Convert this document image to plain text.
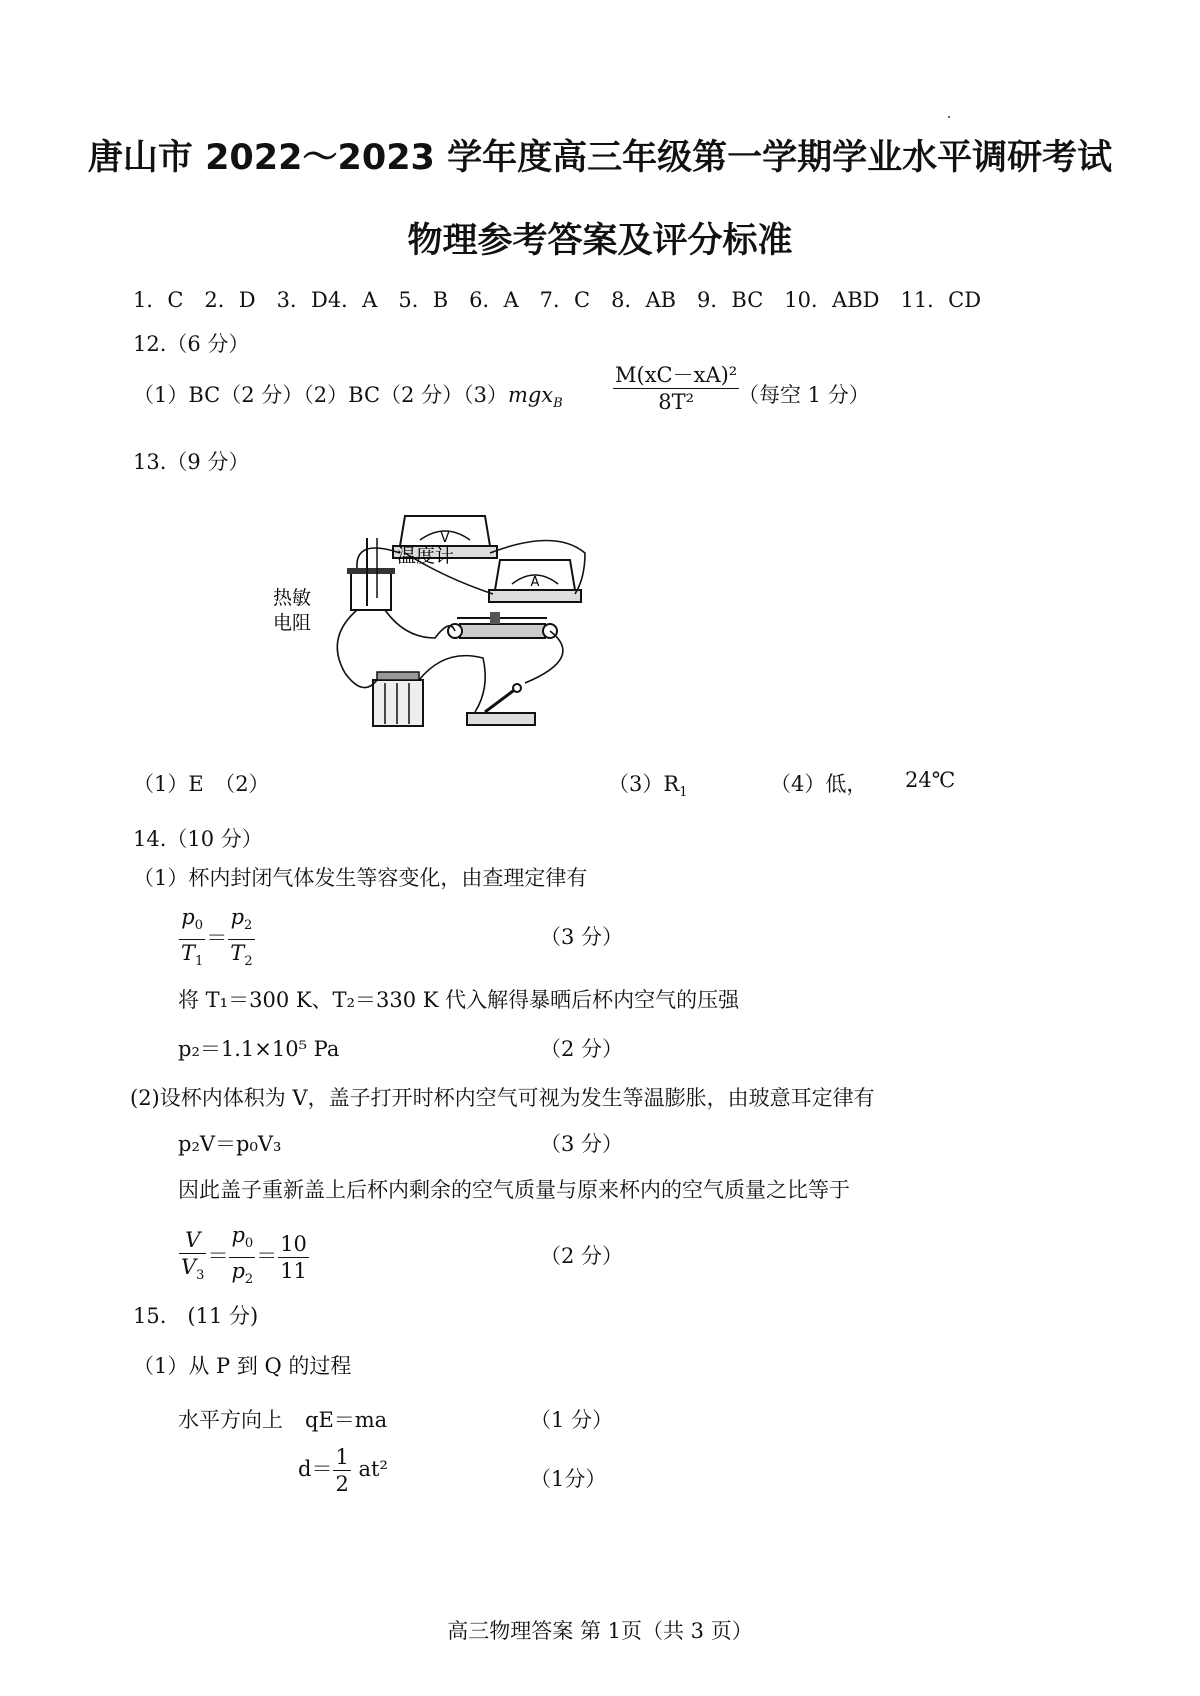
唐山市 2022～2023 学年度高三年级第一学期学业水平调研考试
物理参考答案及评分标准
1．C　2．D　3．D4．A　5．B　6．A　7．C　8．AB　9．BC　10．ABD　11．CD
12.（6 分）
（1）BC（2 分）（2）BC（2 分）$(3)mgx_B \frac{\text{M(xC－xA)²}}{\text{8T²}}$
（每空 1 分）
13.（9 分）
V
A
温度计
热敏
电阻
（1）E　（2）	$(3)R_1$	（4）低， 24℃
14.（10 分）
（1）杯内封闭气体发生等容变化，由查理定律有
$\frac{p_0}{T_1} = \frac{p_2}{T_2}$	（3 分）
将 T₁＝300 K、T₂＝330 K 代入解得暴晒后杯内空气的压强
p₂＝1.1×10⁵ Pa	（2 分）
(2)设杯内体积为 V，盖子打开时杯内空气可视为发生等温膨胀，由玻意耳定律有
p₂V＝p₀V₃	（3 分）
因此盖子重新盖上后杯内剩余的空气质量与原来杯内的空气质量之比等于
$\frac{V}{V_3} = \frac{p_0}{p_2} = \frac{10}{11}$	（2 分）
15.　(11 分)
（1）从 P 到 Q 的过程
水平方向上 qE＝ma	（1 分）
$d= \frac{1}{2} at^2$	（1分）
高三物理答案 第 1页（共 3 页）
